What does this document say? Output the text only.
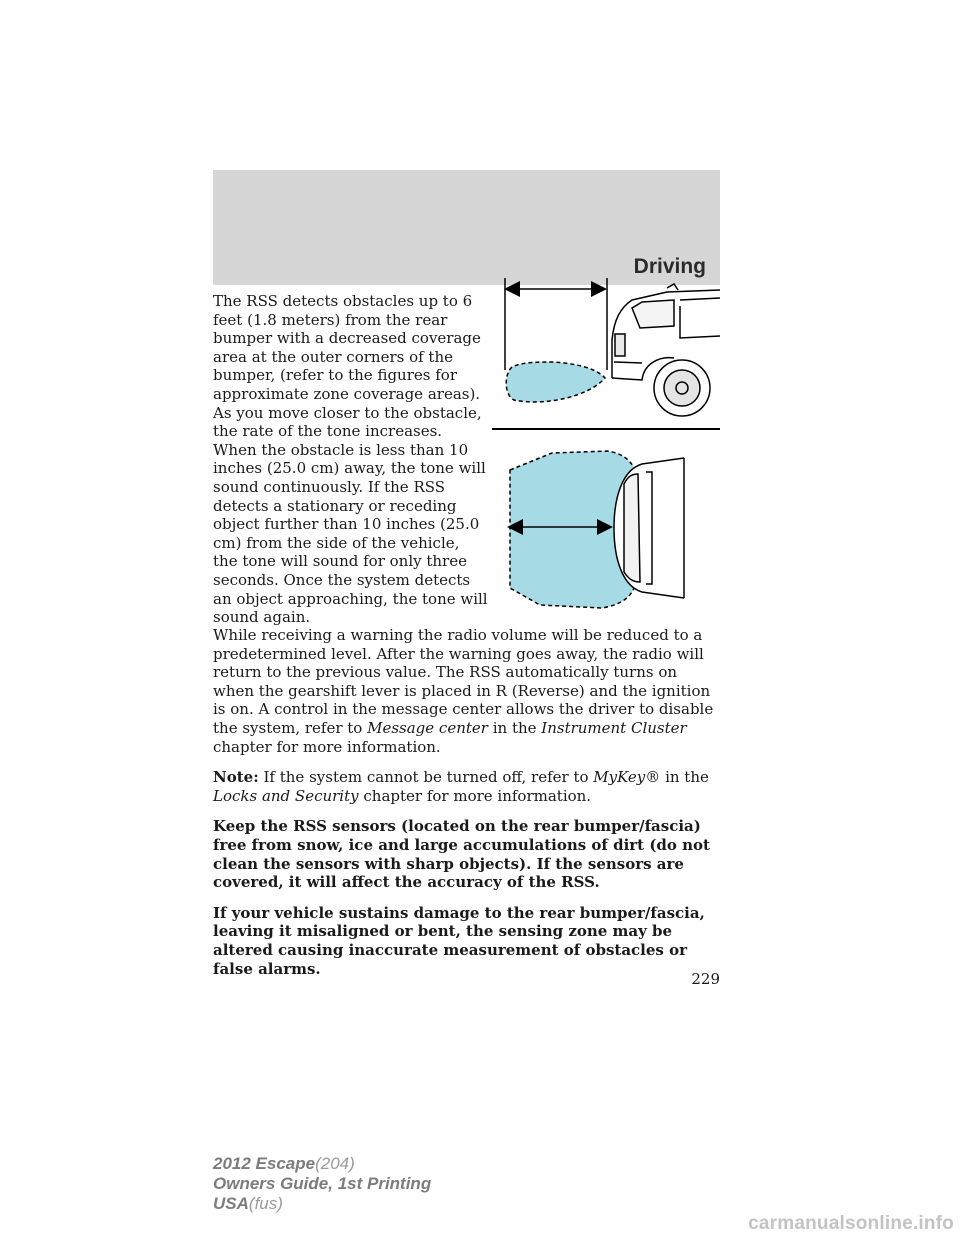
Driving

The RSS detects obstacles up to 6 feet (1.8 meters) from the rear bumper with a decreased coverage area at the outer corners of the bumper, (refer to the figures for approximate zone coverage areas). As you move closer to the obstacle, the rate of the tone increases. When the obstacle is less than 10 inches (25.0 cm) away, the tone will sound continuously. If the RSS detects a stationary or receding object further than 10 inches (25.0 cm) from the side of the vehicle, the tone will sound for only three seconds. Once the system detects an object approaching, the tone will sound again.

While receiving a warning the radio volume will be reduced to a predetermined level. After the warning goes away, the radio will return to the previous value. The RSS automatically turns on when the gearshift lever is placed in R (Reverse) and the ignition is on. A control in the message center allows the driver to disable the system, refer to Message center in the Instrument Cluster chapter for more information.

Note: If the system cannot be turned off, refer to MyKey® in the Locks and Security chapter for more information.

Keep the RSS sensors (located on the rear bumper/fascia) free from snow, ice and large accumulations of dirt (do not clean the sensors with sharp objects). If the sensors are covered, it will affect the accuracy of the RSS.

If your vehicle sustains damage to the rear bumper/fascia, leaving it misaligned or bent, the sensing zone may be altered causing inaccurate measurement of obstacles or false alarms.

229
2012 Escape(204)
Owners Guide, 1st Printing
USA(fus)
carmanualsonline.info
